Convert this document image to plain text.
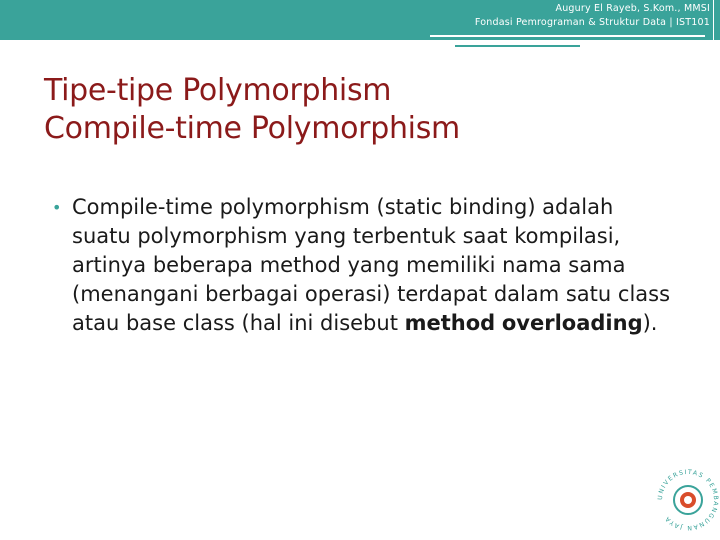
Augury El Rayeb, S.Kom., MMSI
Fondasi Pemrograman & Struktur Data | IST101
Tipe-tipe Polymorphism
Compile-time Polymorphism
• Compile-time polymorphism (static binding) adalah suatu polymorphism yang terbentuk saat kompilasi, artinya beberapa method yang memiliki nama sama (menangani berbagai operasi) terdapat dalam satu class atau base class (hal ini disebut method overloading).
UNIVERSITAS PEMBANGUNAN JAYA
